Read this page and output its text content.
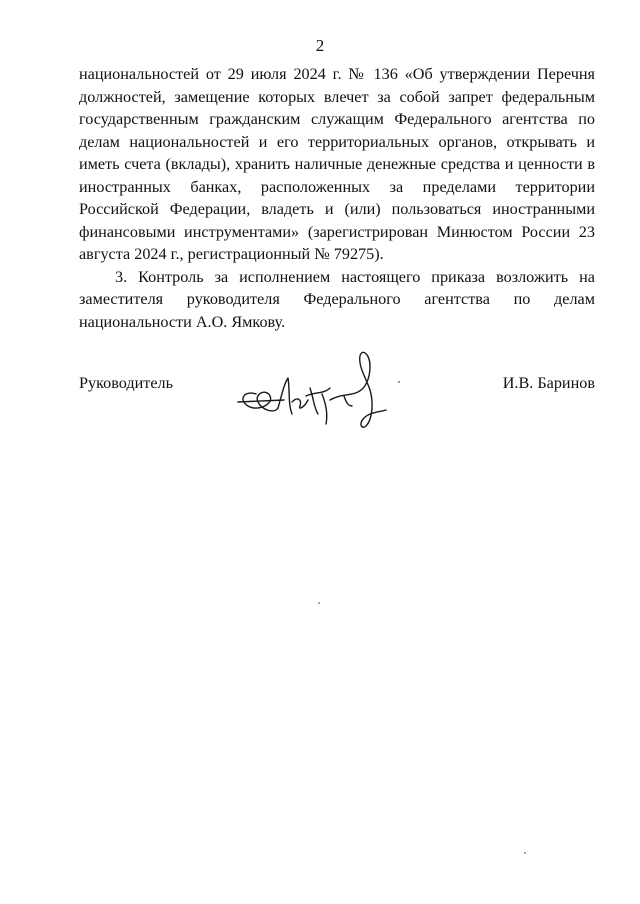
2

национальностей от 29 июля 2024 г. № 136 «Об утверждении Перечня должностей, замещение которых влечет за собой запрет федеральным государственным гражданским служащим Федерального агентства по делам национальностей и его территориальных органов, открывать и иметь счета (вклады), хранить наличные денежные средства и ценности в иностранных банках, расположенных за пределами территории Российской Федерации, владеть и (или) пользоваться иностранными финансовыми инструментами» (зарегистрирован Минюстом России 23 августа 2024 г., регистрационный № 79275).

3. Контроль за исполнением настоящего приказа возложить на заместителя руководителя Федерального агентства по делам национальности А.О. Ямкову.

Руководитель	И.В. Баринов
